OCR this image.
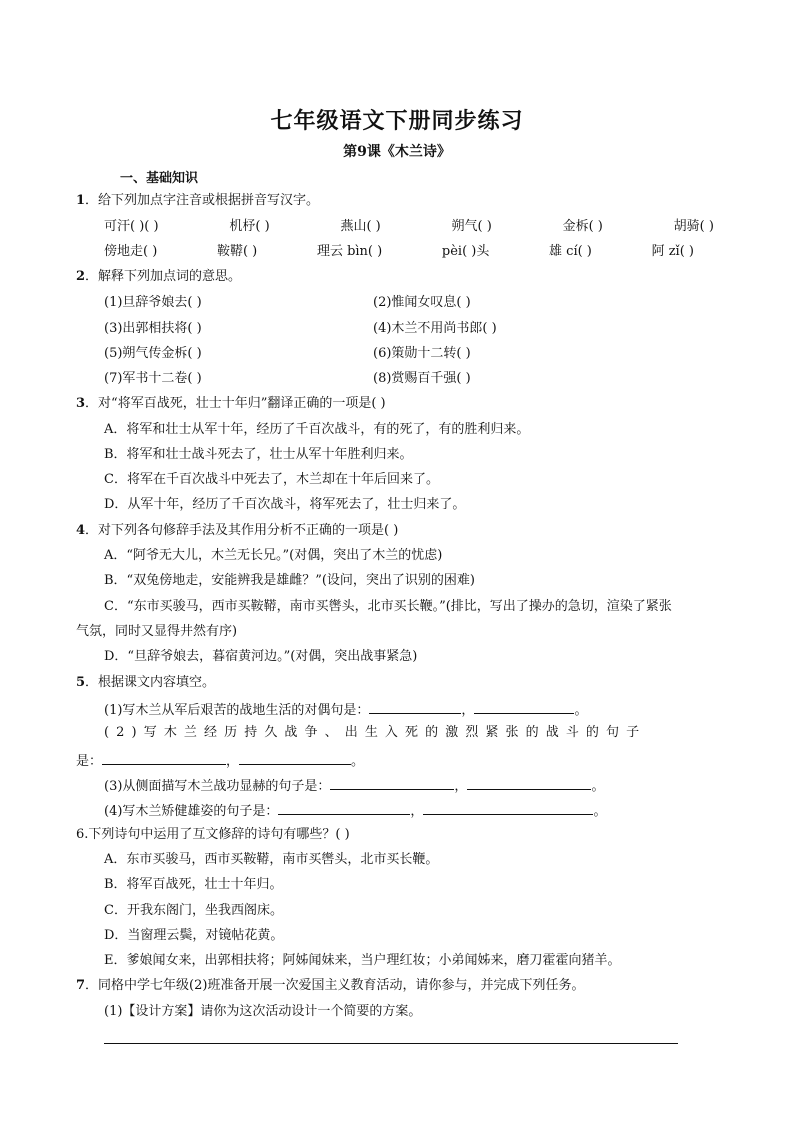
七年级语文下册同步练习
第9课《木兰诗》
一、基础知识
1．给下列加点字注音或根据拼音写汉字。
可汗( )( )	机杼( )	燕山( )	朔气( )	金柝( )	胡骑( )
傍地走( )	鞍鞯( )	理云 bìn( )	pèi( )头	雄 cí( )	阿 zǐ( )
2．解释下列加点词的意思。
(1)旦辞爷娘去( )	(2)惟闻女叹息( )
(3)出郭相扶将( )	(4)木兰不用尚书郎( )
(5)朔气传金柝( )	(6)策勋十二转( )
(7)军书十二卷( )	(8)赏赐百千强( )
3．对“将军百战死，壮士十年归”翻译正确的一项是( )
A．将军和壮士从军十年，经历了千百次战斗，有的死了，有的胜利归来。
B．将军和壮士战斗死去了，壮士从军十年胜利归来。
C．将军在千百次战斗中死去了，木兰却在十年后回来了。
D．从军十年，经历了千百次战斗，将军死去了，壮士归来了。
4．对下列各句修辞手法及其作用分析不正确的一项是( )
A．“阿爷无大儿，木兰无长兄。”(对偶，突出了木兰的忧虑)
B．“双兔傍地走，安能辨我是雄雌？”(设问，突出了识别的困难)
C．“东市买骏马，西市买鞍鞯，南市买辔头，北市买长鞭。”(排比，写出了操办的急切，渲染了紧张
气氛，同时又显得井然有序)
D．“旦辞爷娘去，暮宿黄河边。”(对偶，突出战事紧急)
5．根据课文内容填空。
(1)写木兰从军后艰苦的战地生活的对偶句是：	，	。
(2)写木兰经历持久战争、出生入死的激烈紧张的战斗的句子
是：	，	。
(3)从侧面描写木兰战功显赫的句子是：	，	。
(4)写木兰矫健雄姿的句子是：	，	。
6.下列诗句中运用了互文修辞的诗句有哪些？( )
A．东市买骏马，西市买鞍鞯，南市买辔头，北市买长鞭。
B．将军百战死，壮士十年归。
C．开我东阁门，坐我西阁床。
D．当窗理云鬓，对镜帖花黄。
E．爹娘闻女来，出郭相扶将；阿姊闻妹来，当户理红妆；小弟闻姊来，磨刀霍霍向猪羊。
7．同格中学七年级(2)班准备开展一次爱国主义教育活动，请你参与，并完成下列任务。
(1)【设计方案】请你为这次活动设计一个简要的方案。
